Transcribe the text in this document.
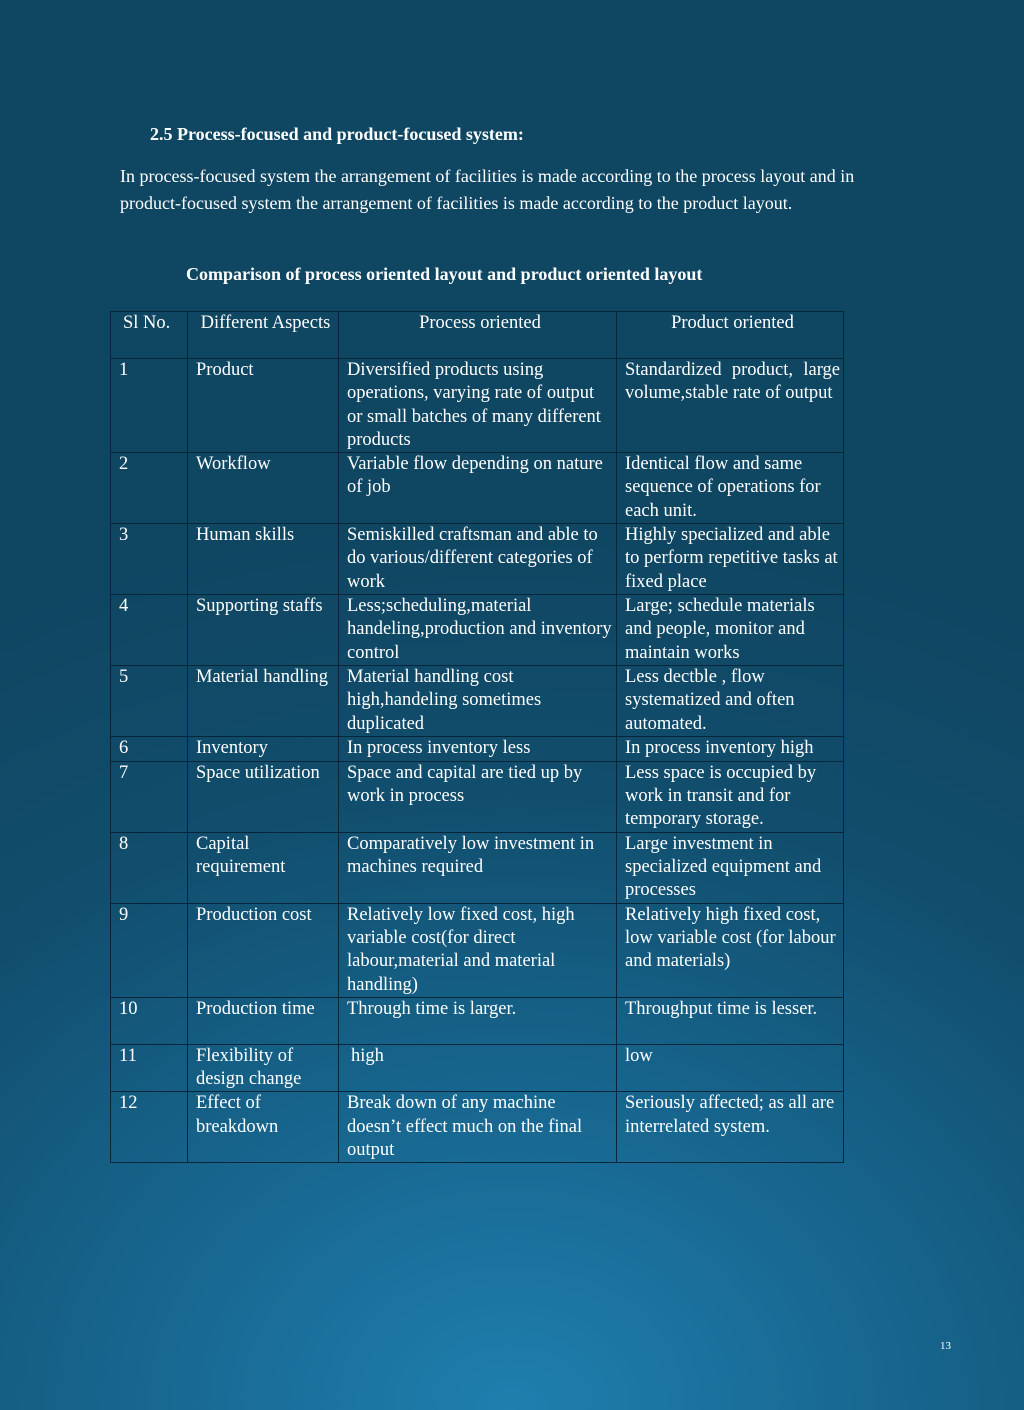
2.5 Process-focused and product-focused system:

In process-focused system the arrangement of facilities is made according to the process layout and in product-focused system the arrangement of facilities is made according to the product layout.

Comparison of process oriented layout and product oriented layout
Sl No.	Different Aspects	Process oriented	Product oriented
1	Product	Diversified products using operations, varying rate of output or small batches of many different products	Standardized product, large volume,stable rate of output
2	Workflow	Variable flow depending on nature of job	Identical flow and same sequence of operations for each unit.
3	Human skills	Semiskilled craftsman and able to do various/different categories of work	Highly specialized and able to perform repetitive tasks at fixed place
4	Supporting staffs	Less;scheduling,material handeling,production and inventory control	Large; schedule materials and people, monitor and maintain works
5	Material handling	Material handling cost high,handeling sometimes duplicated	Less dectble , flow systematized and often automated.
6	Inventory	In process inventory less	In process inventory high
7	Space utilization	Space and capital are tied up by work in process	Less space is occupied by work in transit and for temporary storage.
8	Capital requirement	Comparatively low investment in machines required	Large investment in specialized equipment and processes
9	Production cost	Relatively low fixed cost, high variable cost(for direct labour,material and material handling)	Relatively high fixed cost, low variable cost (for labour and materials)
10	Production time	Through time is larger.	Throughput time is lesser.
11	Flexibility of design change	high	low
12	Effect of breakdown	Break down of any machine doesn’t effect much on the final output	Seriously affected; as all are interrelated system.

13
